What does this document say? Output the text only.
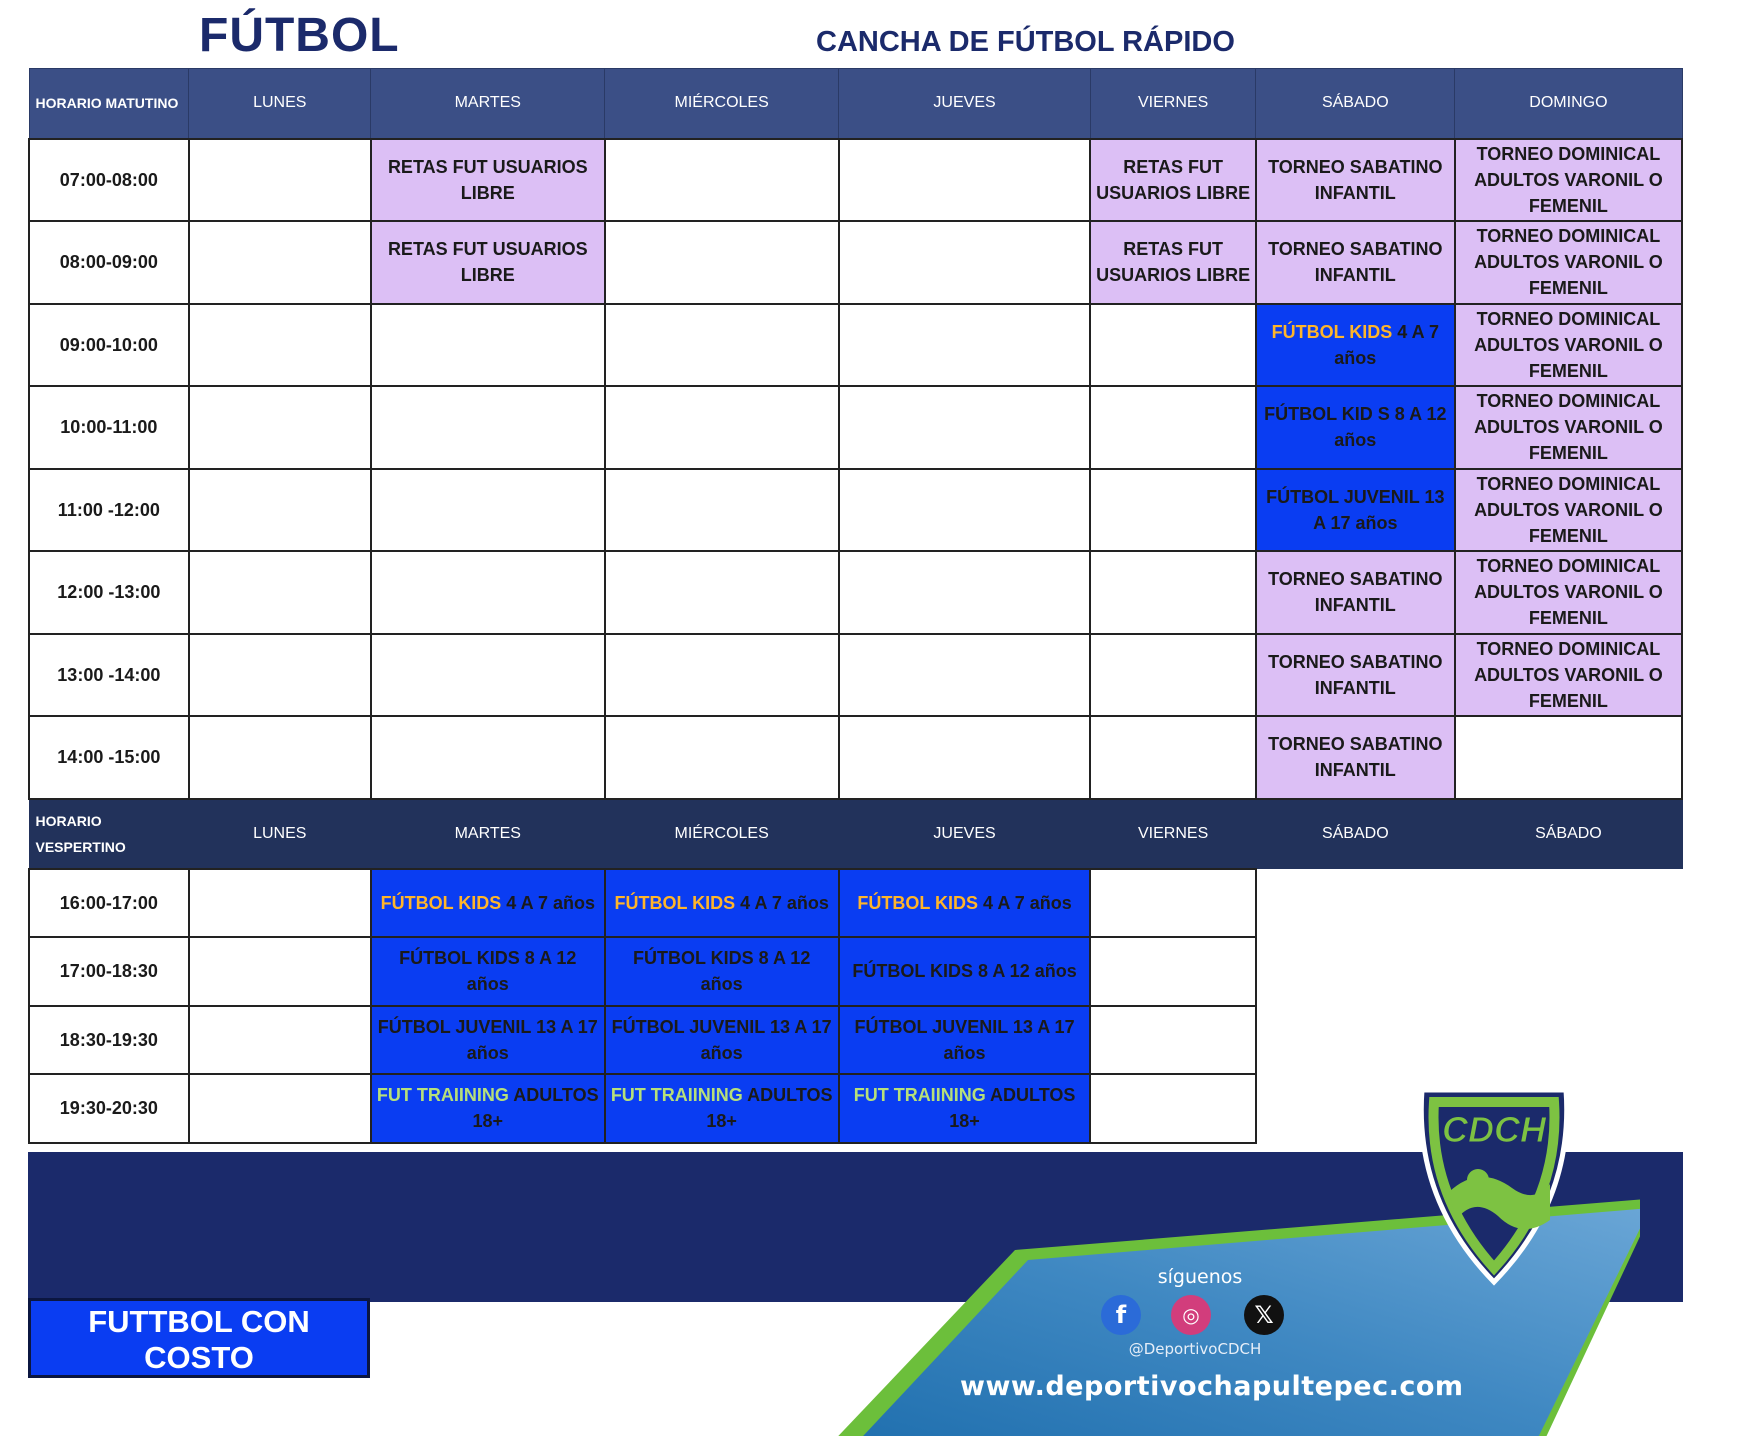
FÚTBOL	CANCHA DE FÚTBOL RÁPIDO
HORARIO MATUTINO	LUNES	MARTES	MIÉRCOLES	JUEVES	VIERNES	SÁBADO	DOMINGO
07:00-08:00		RETAS FUT USUARIOS LIBRE			RETAS FUT USUARIOS LIBRE	TORNEO SABATINO INFANTIL	TORNEO DOMINICAL ADULTOS VARONIL O FEMENIL
08:00-09:00		RETAS FUT USUARIOS LIBRE			RETAS FUT USUARIOS LIBRE	TORNEO SABATINO INFANTIL	TORNEO DOMINICAL ADULTOS VARONIL O FEMENIL
09:00-10:00						FÚTBOL KIDS 4 A 7 años	TORNEO DOMINICAL ADULTOS VARONIL O FEMENIL
10:00-11:00						FÚTBOL KID S 8 A 12 años	TORNEO DOMINICAL ADULTOS VARONIL O FEMENIL
11:00 -12:00						FÚTBOL JUVENIL 13 A 17 años	TORNEO DOMINICAL ADULTOS VARONIL O FEMENIL
12:00 -13:00						TORNEO SABATINO INFANTIL	TORNEO DOMINICAL ADULTOS VARONIL O FEMENIL
13:00 -14:00						TORNEO SABATINO INFANTIL	TORNEO DOMINICAL ADULTOS VARONIL O FEMENIL
14:00 -15:00						TORNEO SABATINO INFANTIL	
HORARIO VESPERTINO	LUNES	MARTES	MIÉRCOLES	JUEVES	VIERNES	SÁBADO	SÁBADO
16:00-17:00		FÚTBOL KIDS 4 A 7 años	FÚTBOL KIDS 4 A 7 años	FÚTBOL KIDS 4 A 7 años			
17:00-18:30		FÚTBOL KIDS 8 A 12 años	FÚTBOL KIDS 8 A 12 años	FÚTBOL KIDS 8 A 12 años			
18:30-19:30		FÚTBOL JUVENIL 13 A 17 años	FÚTBOL JUVENIL 13 A 17 años	FÚTBOL JUVENIL 13 A 17 años			
19:30-20:30		FUT TRAIINING ADULTOS 18+	FUT TRAIINING ADULTOS 18+	FUT TRAIINING ADULTOS 18+			
FUTTBOL CON COSTO
TRIMESTRAL $1,365
síguenos
f	◎	𝕏
@DeportivoCDCH
www.deportivochapultepec.com
CDCH
